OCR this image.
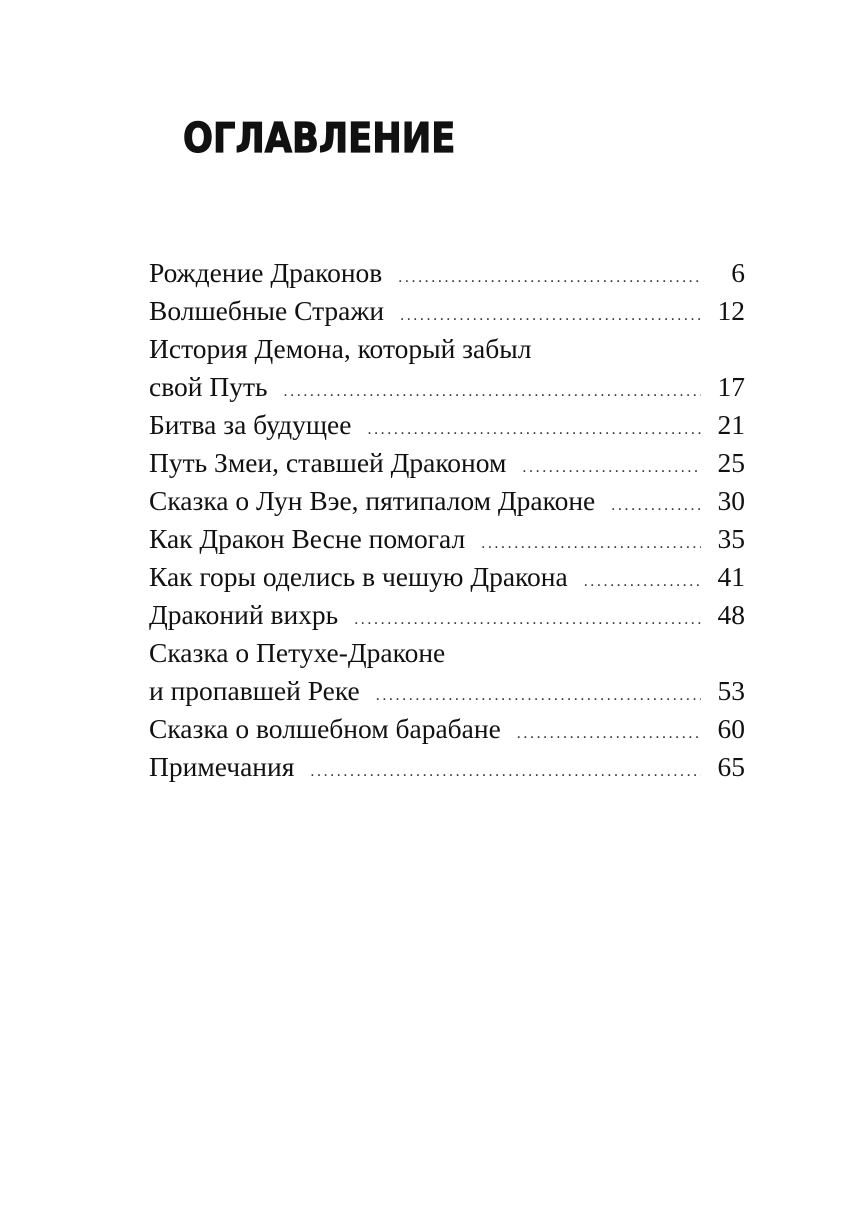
ОГЛАВЛЕНИЕ
Рождение Драконов .....	6
Волшебные Стражи .....	12
История Демона, который забыл
свой Путь .....	17
Битва за будущее .....	21
Путь Змеи, ставшей Драконом .....	25
Сказка о Лун Вэе, пятипалом Драконе .....	30
Как Дракон Весне помогал .....	35
Как горы оделись в чешую Дракона .....	41
Драконий вихрь .....	48
Сказка о Петухе-Драконе
и пропавшей Реке .....	53
Сказка о волшебном барабане .....	60
Примечания .....	65
